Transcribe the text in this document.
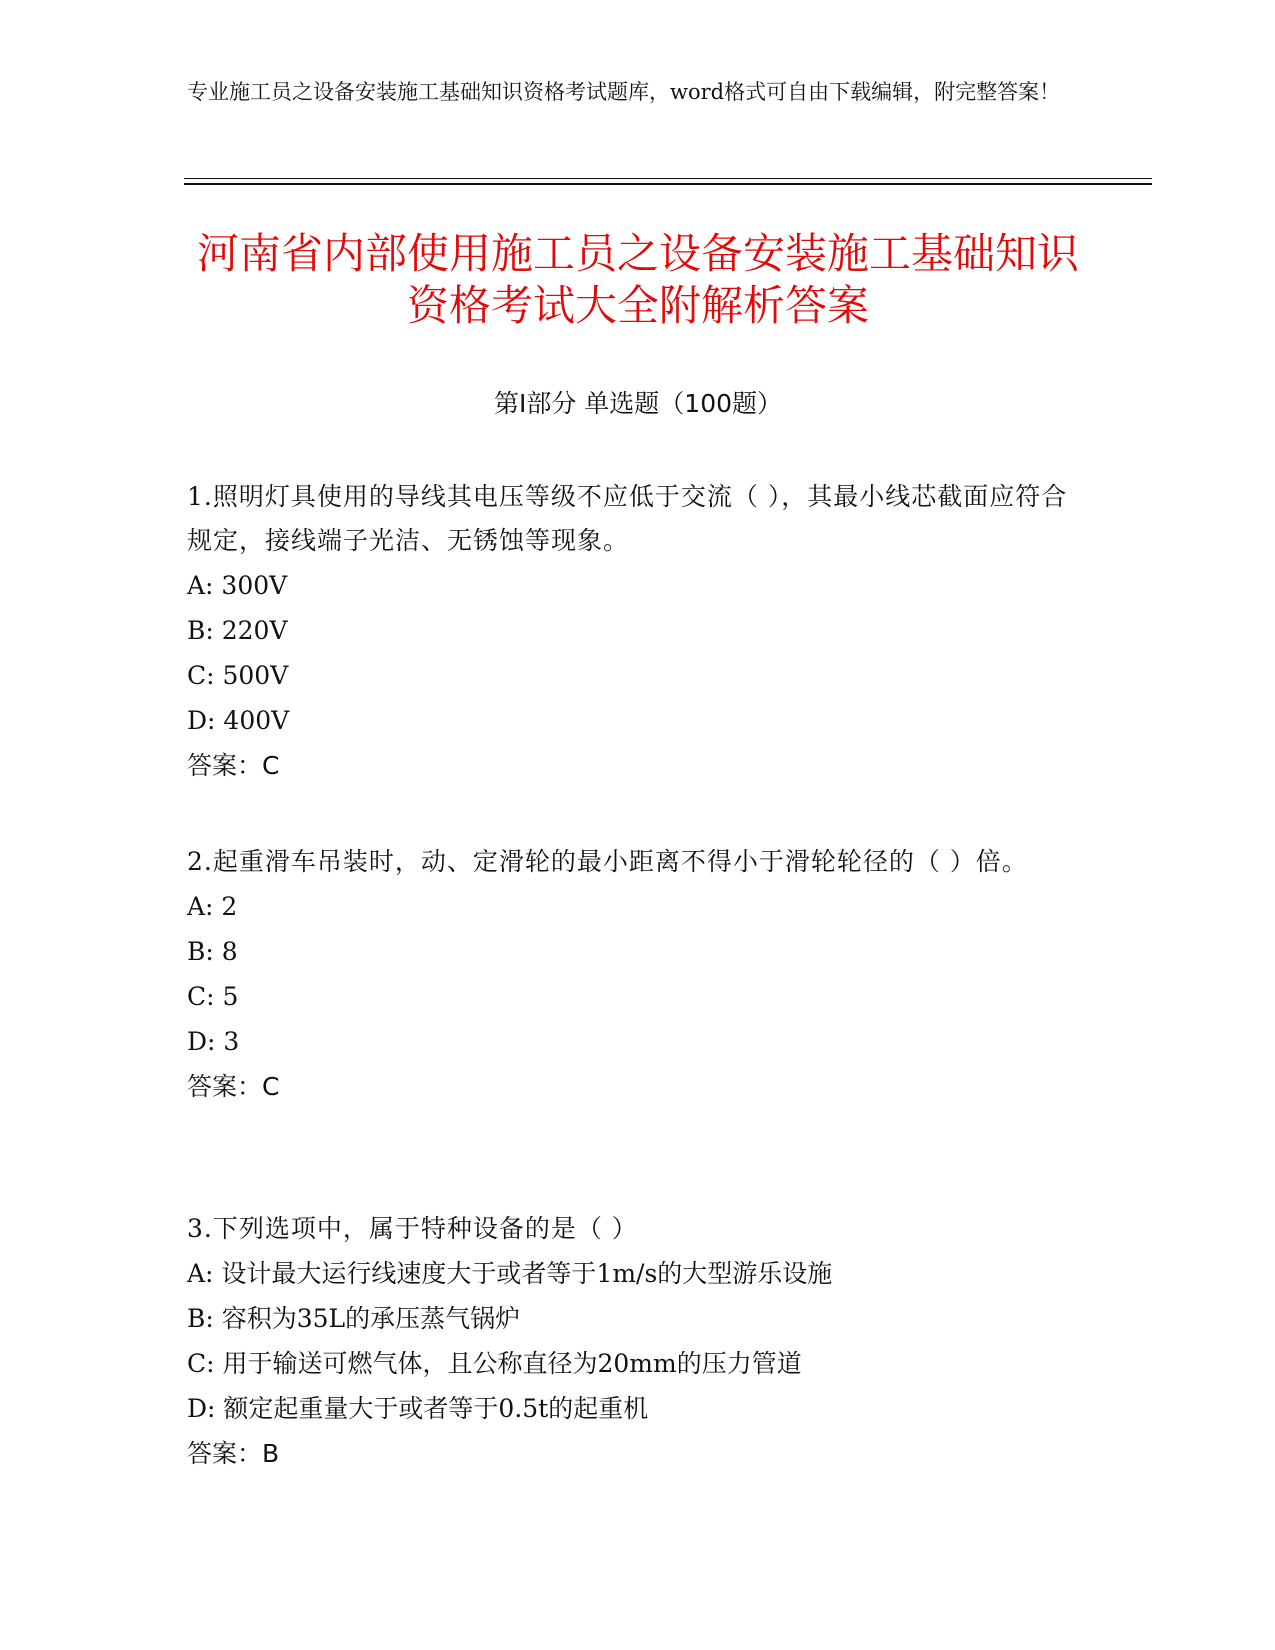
专业施工员之设备安装施工基础知识资格考试题库，word格式可自由下载编辑，附完整答案！
河南省内部使用施工员之设备安装施工基础知识资格考试大全附解析答案
第Ⅰ部分 单选题（100题）

1.照明灯具使用的导线其电压等级不应低于交流（ ），其最小线芯截面应符合规定，接线端子光洁、无锈蚀等现象。

A: 300V

B: 220V

C: 500V

D: 400V

答案：C

2.起重滑车吊装时，动、定滑轮的最小距离不得小于滑轮轮径的（ ）倍。

A: 2

B: 8

C: 5

D: 3

答案：C

3.下列选项中，属于特种设备的是（ ）

A: 设计最大运行线速度大于或者等于1m/s的大型游乐设施

B: 容积为35L的承压蒸气锅炉

C: 用于输送可燃气体，且公称直径为20mm的压力管道

D: 额定起重量大于或者等于0.5t的起重机

答案：B
